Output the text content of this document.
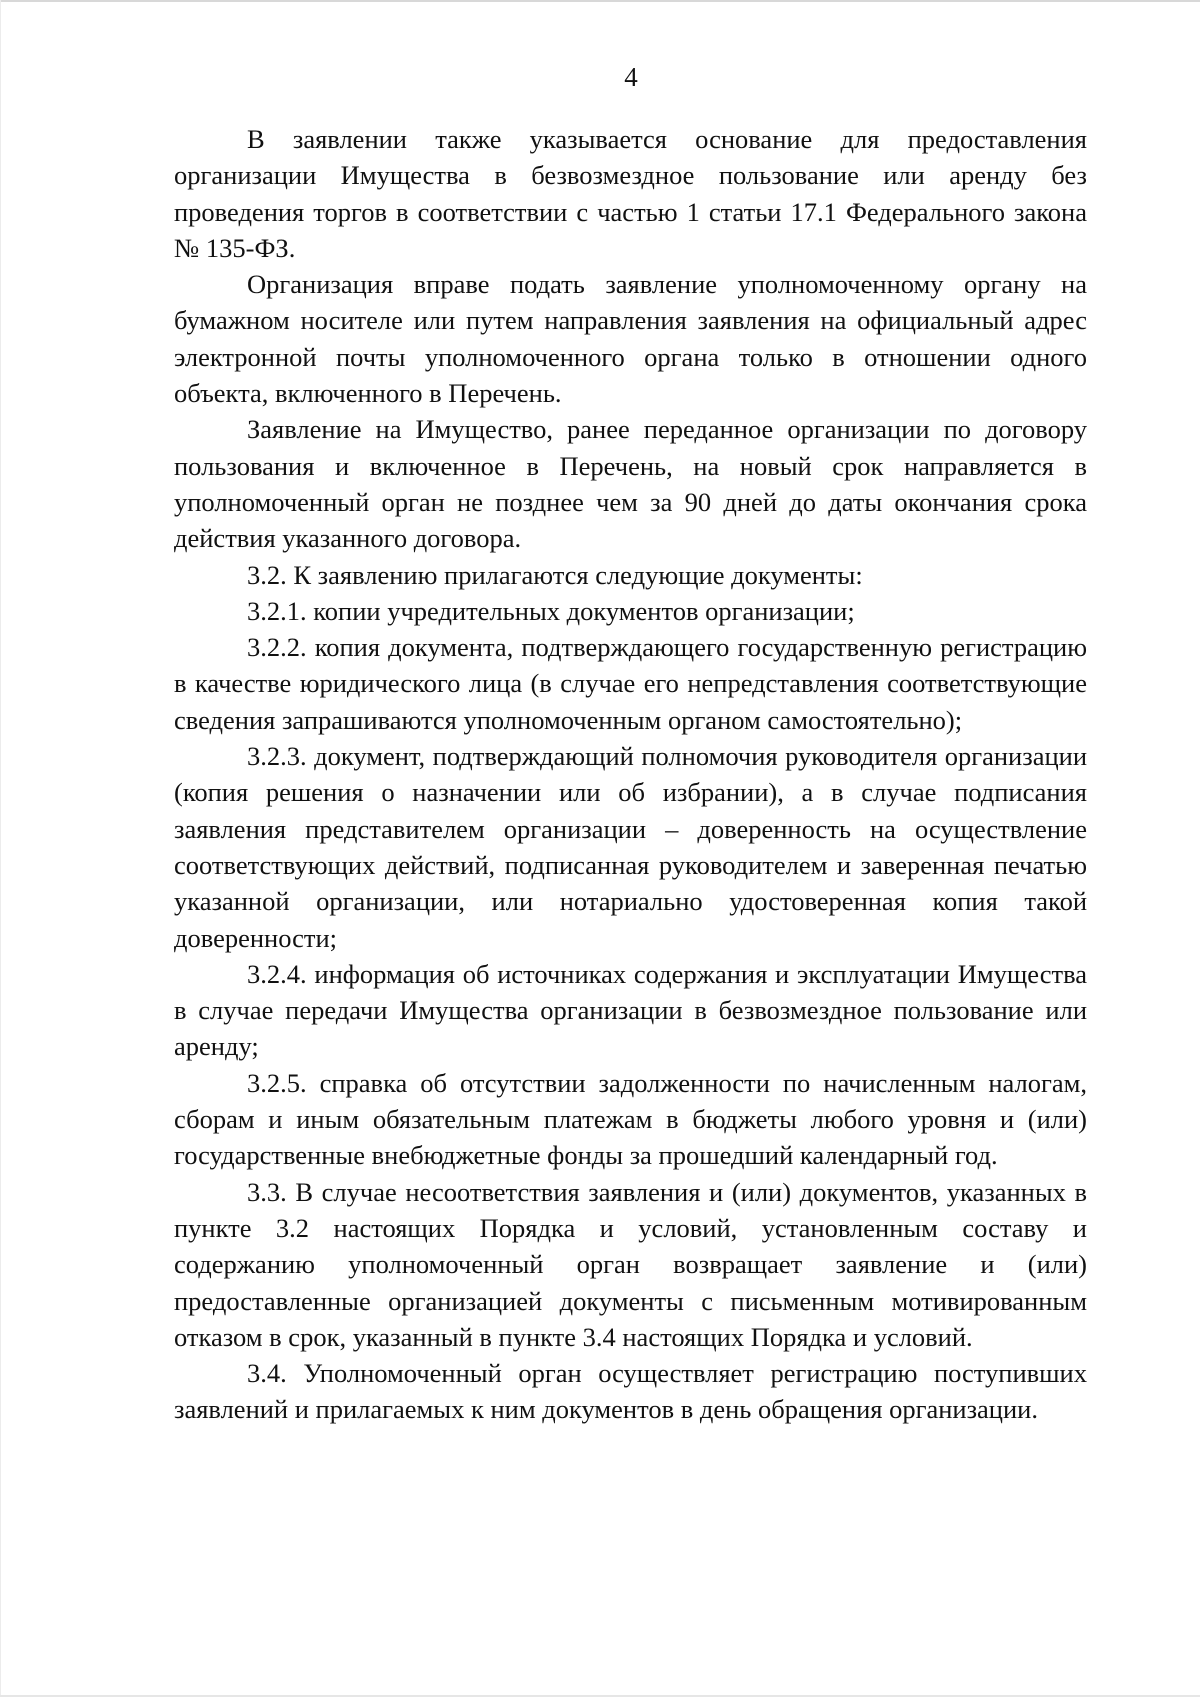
4

В заявлении также указывается основание для предоставления организации Имущества в безвозмездное пользование или аренду без проведения торгов в соответствии с частью 1 статьи 17.1 Федерального закона № 135-ФЗ.

Организация вправе подать заявление уполномоченному органу на бумажном носителе или путем направления заявления на официальный адрес электронной почты уполномоченного органа только в отношении одного объекта, включенного в Перечень.

Заявление на Имущество, ранее переданное организации по договору пользования и включенное в Перечень, на новый срок направляется в уполномоченный орган не позднее чем за 90 дней до даты окончания срока действия указанного договора.

3.2. К заявлению прилагаются следующие документы:

3.2.1. копии учредительных документов организации;

3.2.2. копия документа, подтверждающего государственную регистрацию в качестве юридического лица (в случае его непредставления соответствующие сведения запрашиваются уполномоченным органом самостоятельно);

3.2.3. документ, подтверждающий полномочия руководителя организации (копия решения о назначении или об избрании), а в случае подписания заявления представителем организации – доверенность на осуществление соответствующих действий, подписанная руководителем и заверенная печатью указанной организации, или нотариально удостоверенная копия такой доверенности;

3.2.4. информация об источниках содержания и эксплуатации Имущества в случае передачи Имущества организации в безвозмездное пользование или аренду;

3.2.5. справка об отсутствии задолженности по начисленным налогам, сборам и иным обязательным платежам в бюджеты любого уровня и (или) государственные внебюджетные фонды за прошедший календарный год.

3.3. В случае несоответствия заявления и (или) документов, указанных в пункте 3.2 настоящих Порядка и условий, установленным составу и содержанию уполномоченный орган возвращает заявление и (или) предоставленные организацией документы с письменным мотивированным отказом в срок, указанный в пункте 3.4 настоящих Порядка и условий.

3.4. Уполномоченный орган осуществляет регистрацию поступивших заявлений и прилагаемых к ним документов в день обращения организации.
